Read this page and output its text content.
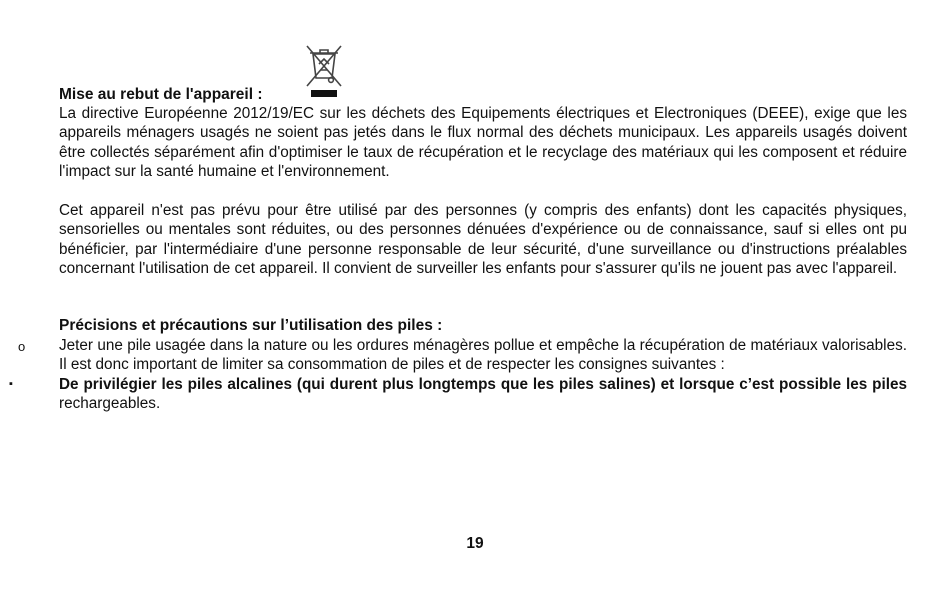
Mise au rebut de l'appareil :

La directive Européenne 2012/19/EC sur les déchets des Equipements électriques et Electroniques (DEEE), exige que les appareils ménagers usagés ne soient pas jetés dans le flux normal des déchets municipaux. Les appareils usagés doivent être collectés séparément afin d'optimiser le taux de récupération et le recyclage des matériaux qui les composent et réduire l'impact sur la santé humaine et l'environnement.

Cet appareil n'est pas prévu pour être utilisé par des personnes (y compris des enfants) dont les capacités physiques, sensorielles ou mentales sont réduites, ou des personnes dénuées d'expérience ou de connaissance, sauf si elles ont pu bénéficier, par l'intermédiaire d'une personne responsable de leur sécurité, d'une surveillance ou d'instructions préalables concernant l'utilisation de cet appareil. Il convient de surveiller les enfants pour s'assurer qu'ils ne jouent pas avec l'appareil.

Précisions et précautions sur l’utilisation des piles :
o Jeter une pile usagée dans la nature ou les ordures ménagères pollue et empêche la récupération de matériaux valorisables. Il est donc important de limiter sa consommation de piles et de respecter les consignes suivantes :

▪	De privilégier les piles alcalines (qui durent plus longtemps que les piles salines) et lorsque c’est possible les piles rechargeables.

19
